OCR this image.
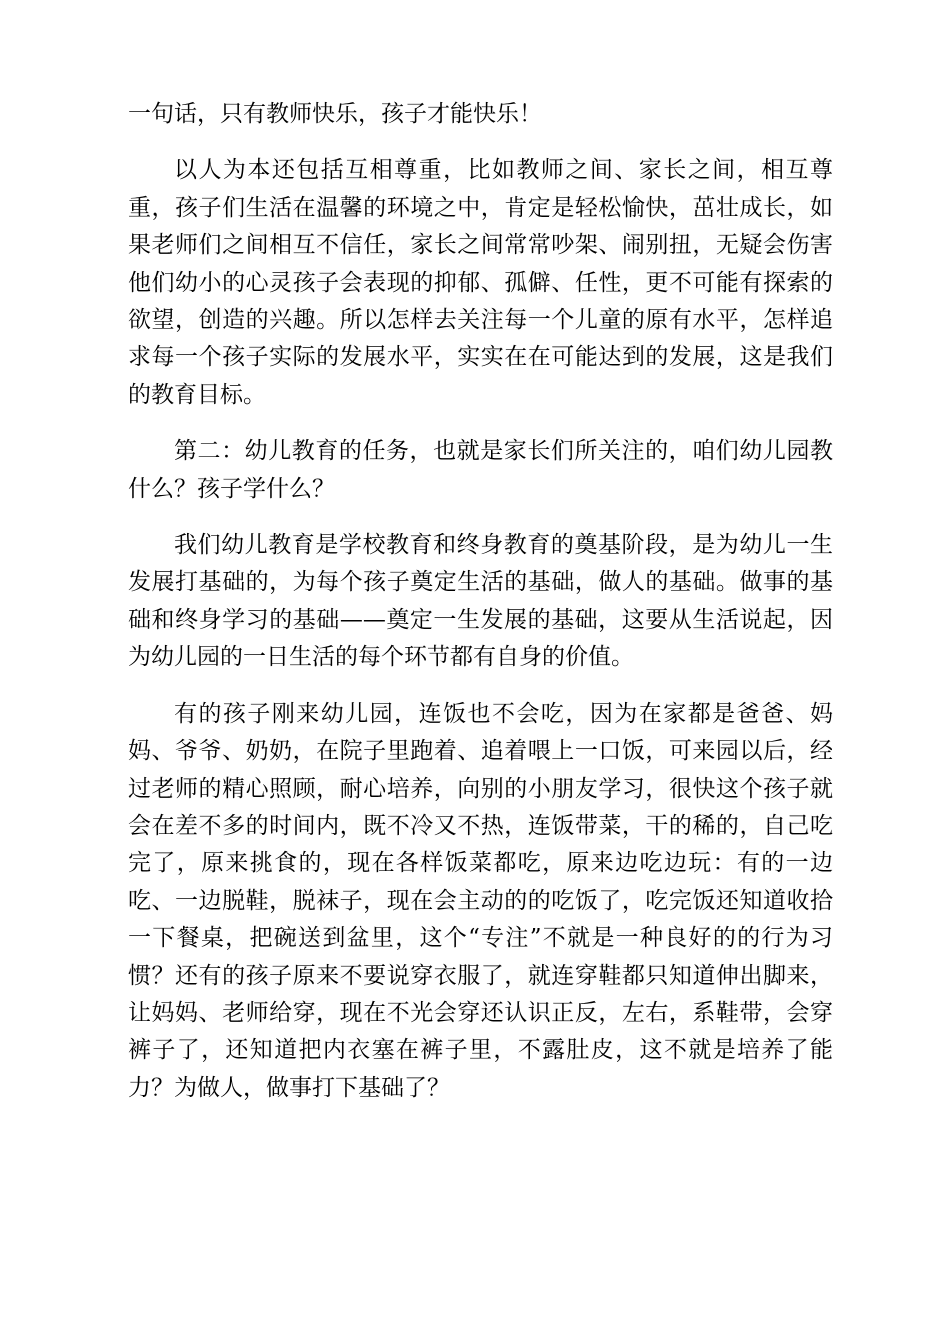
一句话，只有教师快乐，孩子才能快乐！

以人为本还包括互相尊重，比如教师之间、家长之间，相互尊重，孩子们生活在温馨的环境之中，肯定是轻松愉快，茁壮成长，如果老师们之间相互不信任，家长之间常常吵架、闹别扭，无疑会伤害他们幼小的心灵孩子会表现的抑郁、孤僻、任性，更不可能有探索的欲望，创造的兴趣。所以怎样去关注每一个儿童的原有水平，怎样追求每一个孩子实际的发展水平，实实在在可能达到的发展，这是我们的教育目标。

第二：幼儿教育的任务，也就是家长们所关注的，咱们幼儿园教什么？孩子学什么？

我们幼儿教育是学校教育和终身教育的奠基阶段，是为幼儿一生发展打基础的，为每个孩子奠定生活的基础，做人的基础。做事的基础和终身学习的基础——奠定一生发展的基础，这要从生活说起，因为幼儿园的一日生活的每个环节都有自身的价值。

有的孩子刚来幼儿园，连饭也不会吃，因为在家都是爸爸、妈 妈、爷爷、奶奶，在院子里跑着、追着喂上一口饭，可来园以后，经过老师的精心照顾，耐心培养，向别的小朋友学习，很快这个孩子就会在差不多的时间内，既不冷又不热，连饭带菜，干的稀的，自己吃完了，原来挑食的，现在各样饭菜都吃，原来边吃边玩：有的一边吃、一边脱鞋，脱袜子，现在会主动的的吃饭了，吃完饭还知道收拾一下餐桌，把碗送到盆里，这个“专注”不就是一种良好的的行为习惯？还有的孩子原来不要说穿衣服了，就连穿鞋都只知道伸出脚来，让妈妈、老师给穿，现在不光会穿还认识正反，左右，系鞋带，会穿裤子了，还知道把内衣塞在裤子里，不露肚皮，这不就是培养了能力？为做人，做事打下基础了？
